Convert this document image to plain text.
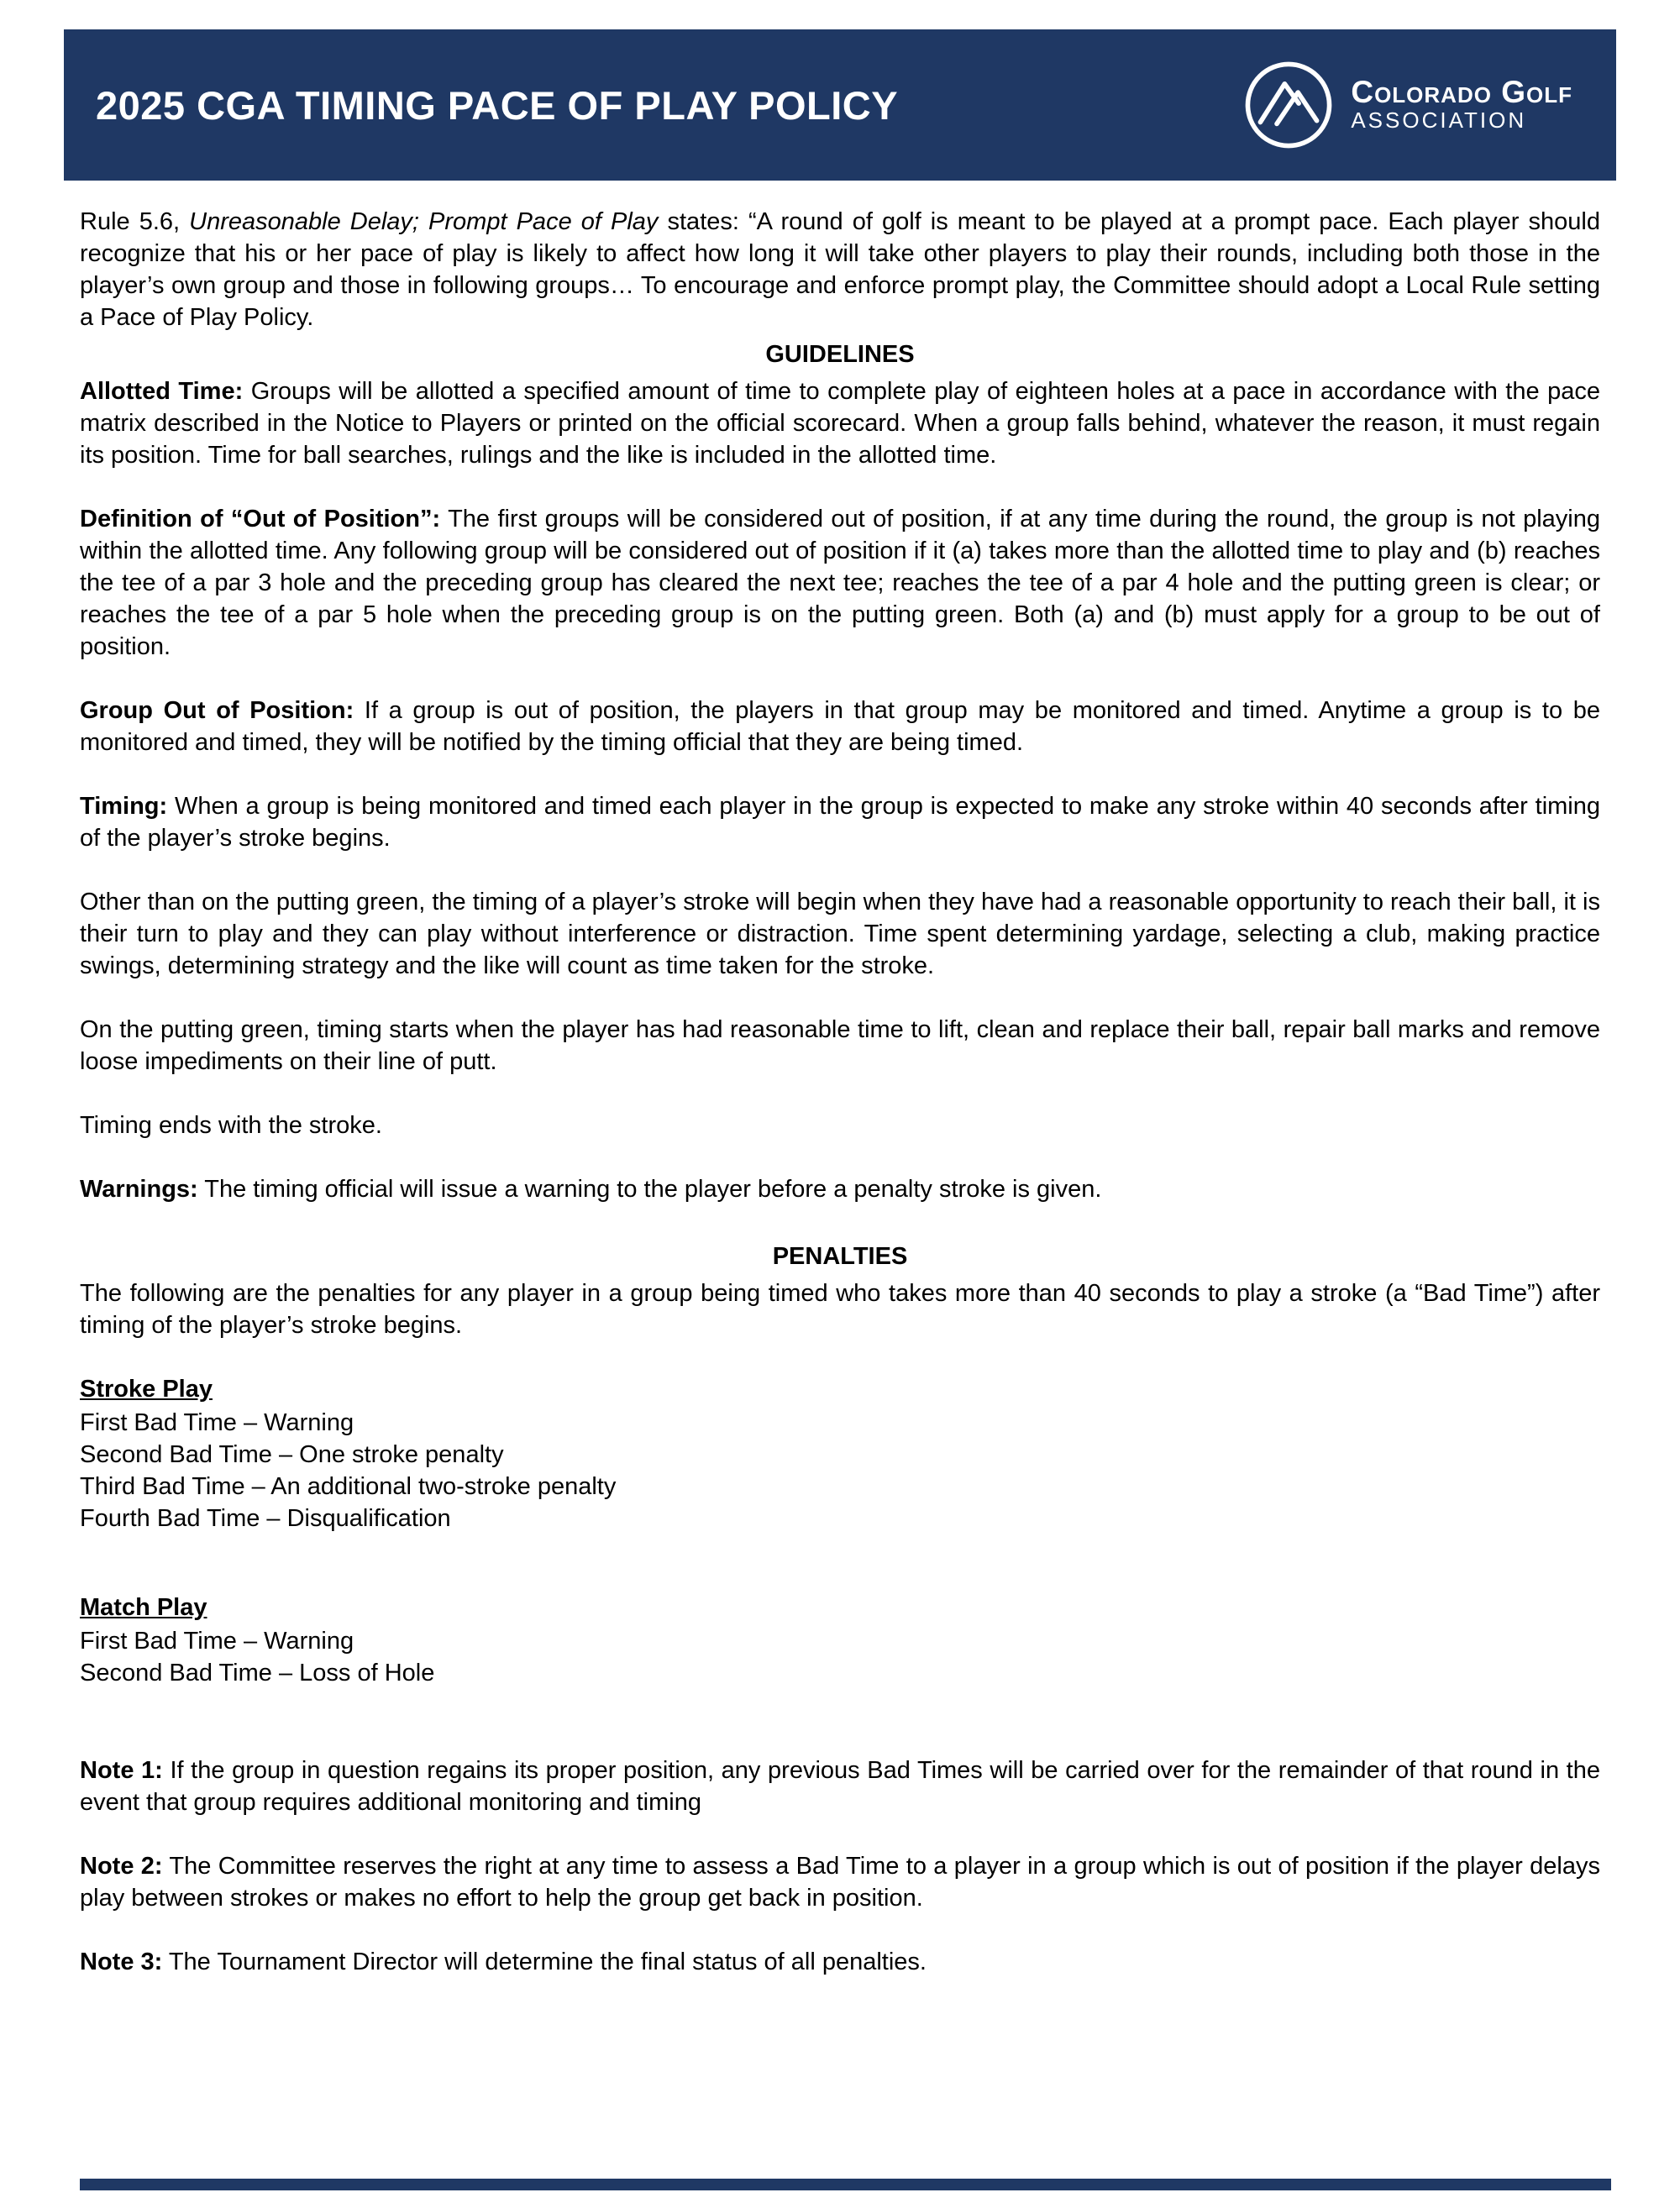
2025 CGA TIMING PACE OF PLAY POLICY	Colorado Golf
ASSOCIATION

Rule 5.6, Unreasonable Delay; Prompt Pace of Play states: “A round of golf is meant to be played at a prompt pace. Each player should recognize that his or her pace of play is likely to affect how long it will take other players to play their rounds, including both those in the player’s own group and those in following groups… To encourage and enforce prompt play, the Committee should adopt a Local Rule setting a Pace of Play Policy.

GUIDELINES

Allotted Time: Groups will be allotted a specified amount of time to complete play of eighteen holes at a pace in accordance with the pace matrix described in the Notice to Players or printed on the official scorecard. When a group falls behind, whatever the reason, it must regain its position. Time for ball searches, rulings and the like is included in the allotted time.

Definition of “Out of Position”: The first groups will be considered out of position, if at any time during the round, the group is not playing within the allotted time. Any following group will be considered out of position if it (a) takes more than the allotted time to play and (b) reaches the tee of a par 3 hole and the preceding group has cleared the next tee; reaches the tee of a par 4 hole and the putting green is clear; or reaches the tee of a par 5 hole when the preceding group is on the putting green. Both (a) and (b) must apply for a group to be out of position.

Group Out of Position: If a group is out of position, the players in that group may be monitored and timed. Anytime a group is to be monitored and timed, they will be notified by the timing official that they are being timed.

Timing: When a group is being monitored and timed each player in the group is expected to make any stroke within 40 seconds after timing of the player’s stroke begins.

Other than on the putting green, the timing of a player’s stroke will begin when they have had a reasonable opportunity to reach their ball, it is their turn to play and they can play without interference or distraction. Time spent determining yardage, selecting a club, making practice swings, determining strategy and the like will count as time taken for the stroke.

On the putting green, timing starts when the player has had reasonable time to lift, clean and replace their ball, repair ball marks and remove loose impediments on their line of putt.

Timing ends with the stroke.

Warnings: The timing official will issue a warning to the player before a penalty stroke is given.

PENALTIES

The following are the penalties for any player in a group being timed who takes more than 40 seconds to play a stroke (a “Bad Time”) after timing of the player’s stroke begins.

Stroke Play
First Bad Time – Warning
Second Bad Time – One stroke penalty
Third Bad Time – An additional two-stroke penalty
Fourth Bad Time – Disqualification
Match Play
First Bad Time – Warning
Second Bad Time – Loss of Hole

Note 1: If the group in question regains its proper position, any previous Bad Times will be carried over for the remainder of that round in the event that group requires additional monitoring and timing

Note 2: The Committee reserves the right at any time to assess a Bad Time to a player in a group which is out of position if the player delays play between strokes or makes no effort to help the group get back in position.

Note 3: The Tournament Director will determine the final status of all penalties.
